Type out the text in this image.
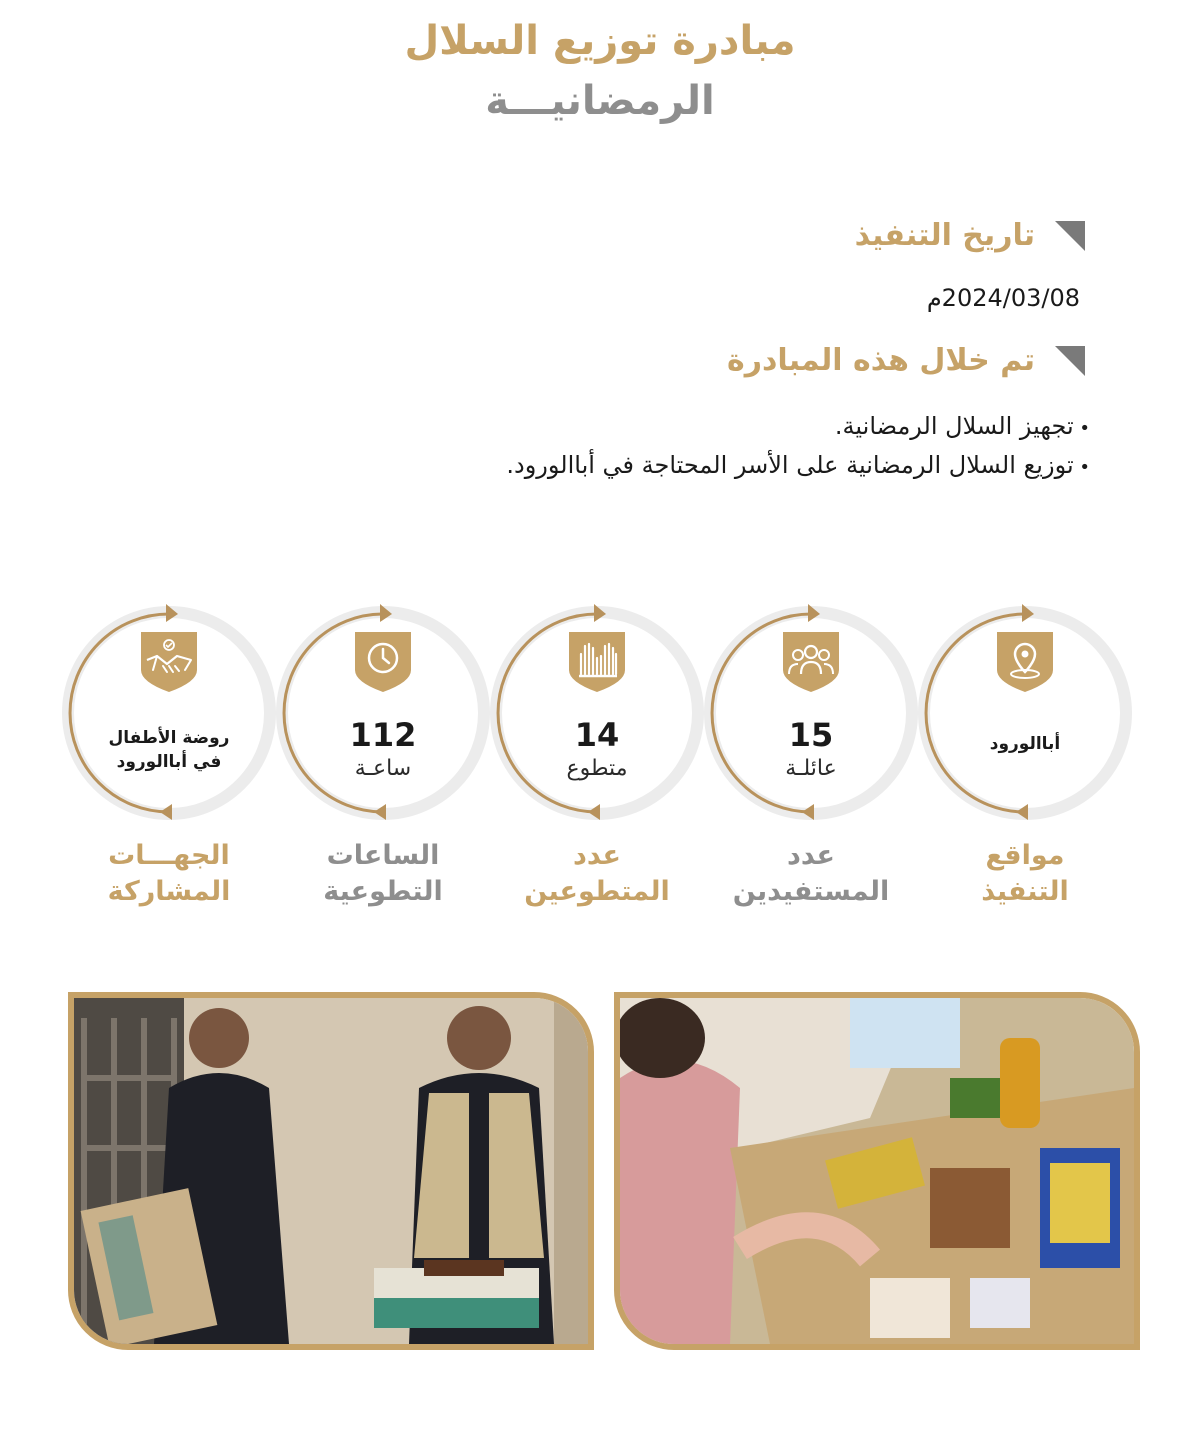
مبادرة توزيع السلال
الرمضانيـــة
تاريخ التنفيذ
2024/03/08م
تم خلال هذه المبادرة
• تجهيز السلال الرمضانية.
• توزيع السلال الرمضانية على الأسر المحتاجة في أباالورود.
أباالورود
مواقع
التنفيذ
15
عائلـة
عدد
المستفيدين
14
متطوع
عدد
المتطوعين
112
ساعـة
الساعات
التطوعية
روضة الأطفال
في أباالورود
الجهـــات
المشاركة
